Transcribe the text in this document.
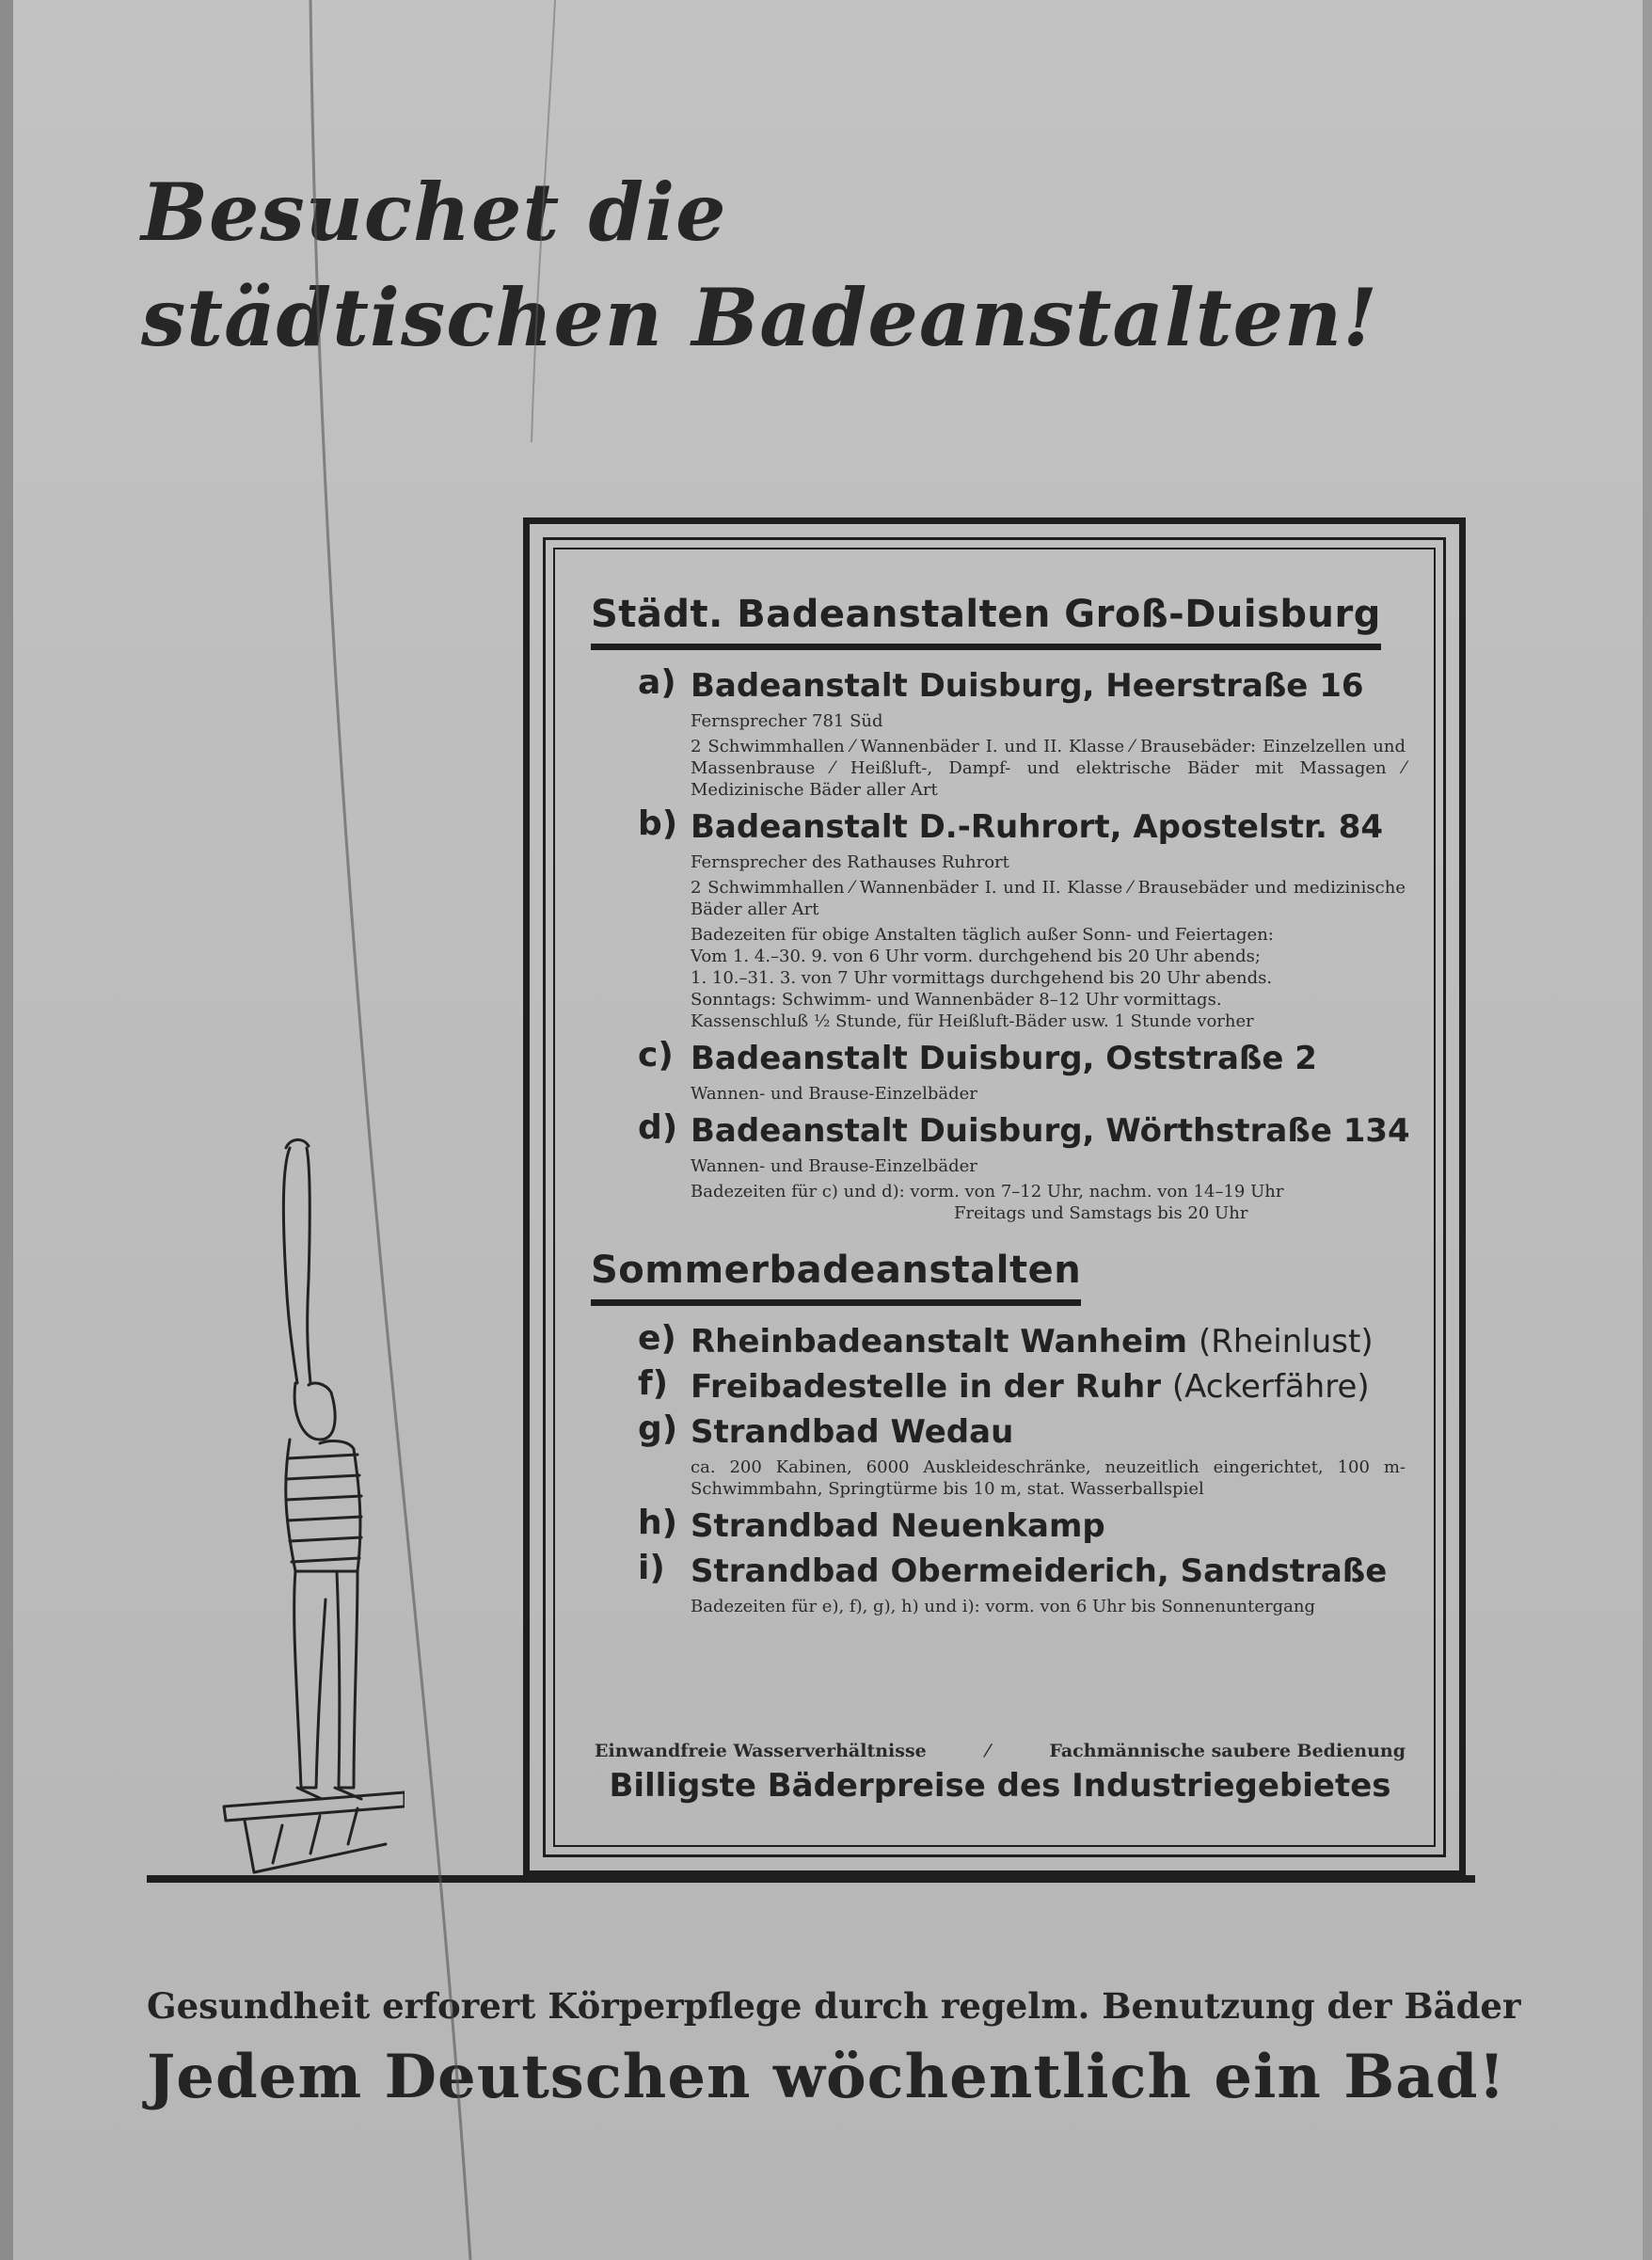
Besuchet die
städtischen Badeanstalten!
Städt. Badeanstalten Groß-Duisburg
a) Badeanstalt Duisburg, Heerstraße 16
Fernsprecher 781 Süd
2 Schwimmhallen ⁄ Wannenbäder I. und II. Klasse ⁄ Brausebäder: Einzelzellen und Massenbrause ⁄ Heißluft-, Dampf- und elektrische Bäder mit Massagen ⁄ Medizinische Bäder aller Art
b) Badeanstalt D.-Ruhrort, Apostelstr. 84
Fernsprecher des Rathauses Ruhrort
2 Schwimmhallen ⁄ Wannenbäder I. und II. Klasse ⁄ Brausebäder und medizinische Bäder aller Art
Badezeiten für obige Anstalten täglich außer Sonn- und Feiertagen:
Vom 1. 4.–30. 9. von 6 Uhr vorm. durchgehend bis 20 Uhr abends;
1. 10.–31. 3. von 7 Uhr vormittags durchgehend bis 20 Uhr abends.
Sonntags: Schwimm- und Wannenbäder 8–12 Uhr vormittags.
Kassenschluß ½ Stunde, für Heißluft-Bäder usw. 1 Stunde vorher
c) Badeanstalt Duisburg, Oststraße 2
Wannen- und Brause-Einzelbäder
d) Badeanstalt Duisburg, Wörthstraße 134
Wannen- und Brause-Einzelbäder
Badezeiten für c) und d): vorm. von 7–12 Uhr, nachm. von 14–19 Uhr
Freitags und Samstags bis 20 Uhr
Sommerbadeanstalten
e) Rheinbadeanstalt Wanheim (Rheinlust)
f) Freibadestelle in der Ruhr (Ackerfähre)
g) Strandbad Wedau
ca. 200 Kabinen, 6000 Auskleideschränke, neuzeitlich eingerichtet, 100 m-Schwimmbahn, Springtürme bis 10 m, stat. Wasserballspiel
h) Strandbad Neuenkamp
i) Strandbad Obermeiderich, Sandstraße
Badezeiten für e), f), g), h) und i): vorm. von 6 Uhr bis Sonnenuntergang
Einwandfreie Wasserverhältnisse	⁄	Fachmännische saubere Bedienung
Billigste Bäderpreise des Industriegebietes
Gesundheit erforert Körperpflege durch regelm. Benutzung der Bäder
Jedem Deutschen wöchentlich ein Bad!
